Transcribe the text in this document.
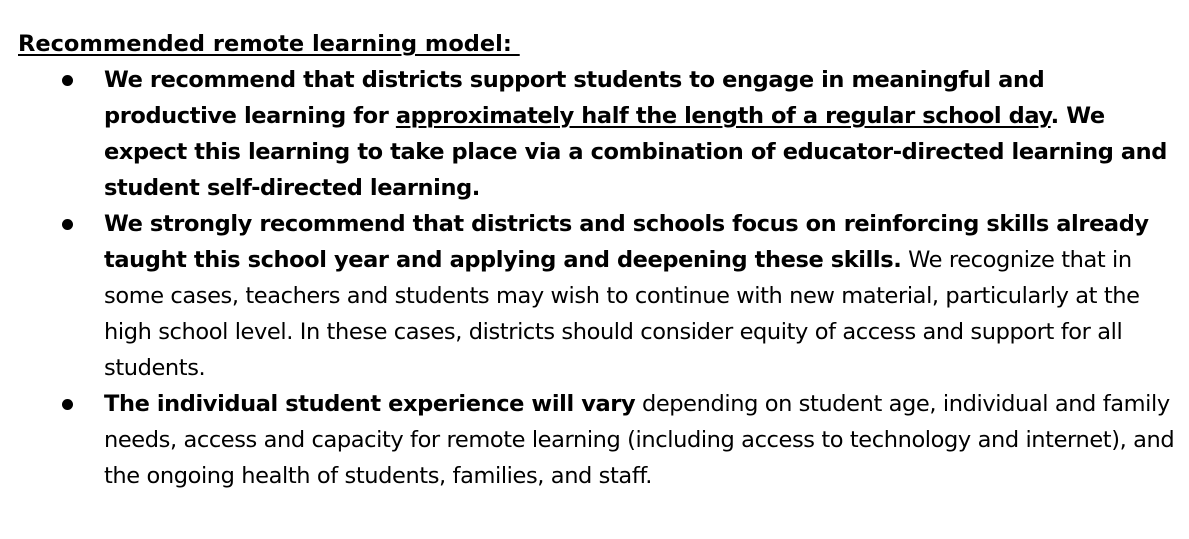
Recommended remote learning model:
We recommend that districts support students to engage in meaningful and productive learning for approximately half the length of a regular school day. We expect this learning to take place via a combination of educator-directed learning and student self-directed learning.
We strongly recommend that districts and schools focus on reinforcing skills already taught this school year and applying and deepening these skills. We recognize that in some cases, teachers and students may wish to continue with new material, particularly at the high school level. In these cases, districts should consider equity of access and support for all students.
The individual student experience will vary depending on student age, individual and family needs, access and capacity for remote learning (including access to technology and internet), and the ongoing health of students, families, and staff.
